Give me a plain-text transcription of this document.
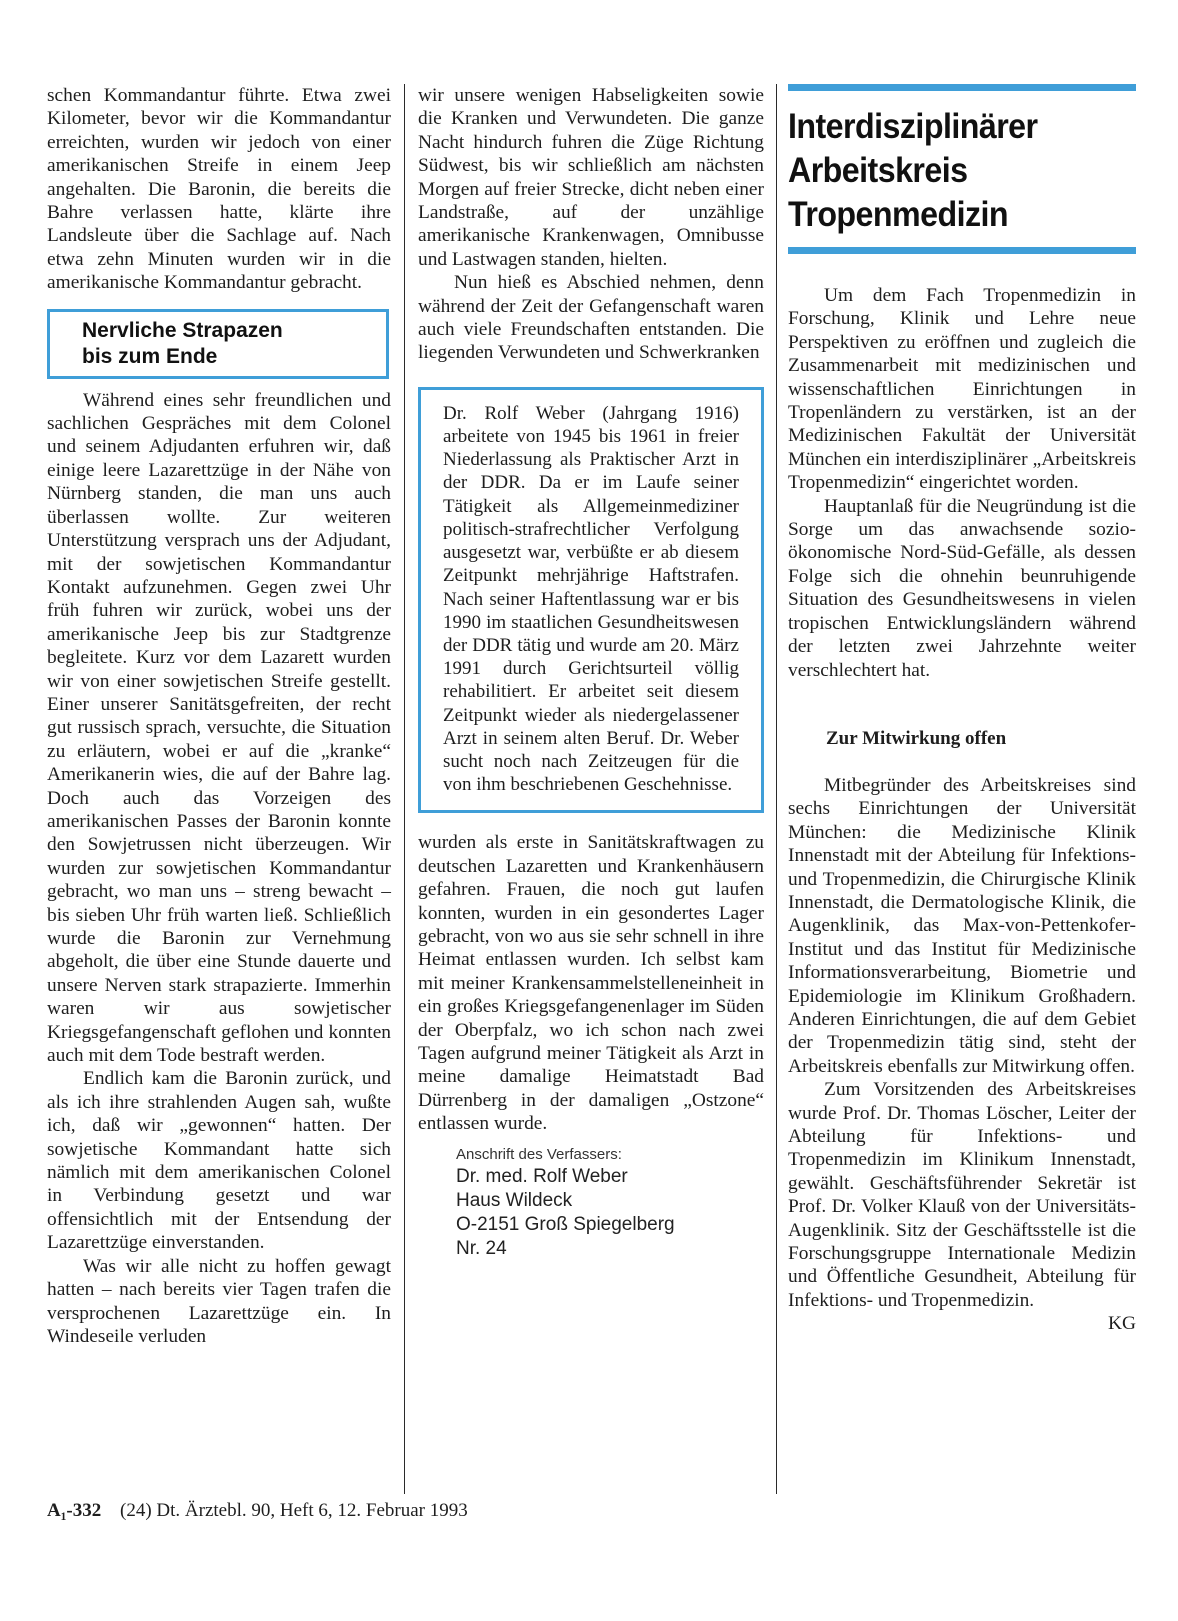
schen Kommandantur führte. Etwa zwei Kilometer, bevor wir die Kommandantur erreichten, wurden wir jedoch von einer amerikanischen Streife in einem Jeep angehalten. Die Baronin, die bereits die Bahre verlassen hatte, klärte ihre Landsleute über die Sachlage auf. Nach etwa zehn Minuten wurden wir in die amerikanische Kommandantur gebracht.

Nervliche Strapazen
bis zum Ende

Während eines sehr freundlichen und sachlichen Gespräches mit dem Colonel und seinem Adjudanten erfuhren wir, daß einige leere Lazarettzüge in der Nähe von Nürnberg standen, die man uns auch überlassen wollte. Zur weiteren Unterstützung versprach uns der Adjudant, mit der sowjetischen Kommandantur Kontakt aufzunehmen. Gegen zwei Uhr früh fuhren wir zurück, wobei uns der amerikanische Jeep bis zur Stadtgrenze begleitete. Kurz vor dem Lazarett wurden wir von einer sowjetischen Streife gestellt. Einer unserer Sanitätsgefreiten, der recht gut russisch sprach, versuchte, die Situation zu erläutern, wobei er auf die „kranke“ Amerikanerin wies, die auf der Bahre lag. Doch auch das Vorzeigen des amerikanischen Passes der Baronin konnte den Sowjetrussen nicht überzeugen. Wir wurden zur sowjetischen Kommandantur gebracht, wo man uns – streng bewacht – bis sieben Uhr früh warten ließ. Schließlich wurde die Baronin zur Vernehmung abgeholt, die über eine Stunde dauerte und unsere Nerven stark strapazierte. Immerhin waren wir aus sowjetischer Kriegsgefangenschaft geflohen und konnten auch mit dem Tode bestraft werden.

Endlich kam die Baronin zurück, und als ich ihre strahlenden Augen sah, wußte ich, daß wir „gewonnen“ hatten. Der sowjetische Kommandant hatte sich nämlich mit dem amerikanischen Colonel in Verbindung gesetzt und war offensichtlich mit der Entsendung der Lazarettzüge einverstanden.

Was wir alle nicht zu hoffen gewagt hatten – nach bereits vier Tagen trafen die versprochenen Lazarettzüge ein. In Windeseile verluden

wir unsere wenigen Habseligkeiten sowie die Kranken und Verwundeten. Die ganze Nacht hindurch fuhren die Züge Richtung Südwest, bis wir schließlich am nächsten Morgen auf freier Strecke, dicht neben einer Landstraße, auf der unzählige amerikanische Krankenwagen, Omnibusse und Lastwagen standen, hielten.

Nun hieß es Abschied nehmen, denn während der Zeit der Gefangenschaft waren auch viele Freundschaften entstanden. Die liegenden Verwundeten und Schwerkranken

Dr. Rolf Weber (Jahrgang 1916) arbeitete von 1945 bis 1961 in freier Niederlassung als Praktischer Arzt in der DDR. Da er im Laufe seiner Tätigkeit als Allgemeinmediziner politisch-strafrechtlicher Verfolgung ausgesetzt war, verbüßte er ab diesem Zeitpunkt mehrjährige Haftstrafen. Nach seiner Haftentlassung war er bis 1990 im staatlichen Gesundheitswesen der DDR tätig und wurde am 20. März 1991 durch Gerichtsurteil völlig rehabilitiert. Er arbeitet seit diesem Zeitpunkt wieder als niedergelassener Arzt in seinem alten Beruf. Dr. Weber sucht noch nach Zeitzeugen für die von ihm beschriebenen Geschehnisse.

wurden als erste in Sanitätskraftwagen zu deutschen Lazaretten und Krankenhäusern gefahren. Frauen, die noch gut laufen konnten, wurden in ein gesondertes Lager gebracht, von wo aus sie sehr schnell in ihre Heimat entlassen wurden. Ich selbst kam mit meiner Krankensammelstelleneinheit in ein großes Kriegsgefangenenlager im Süden der Oberpfalz, wo ich schon nach zwei Tagen aufgrund meiner Tätigkeit als Arzt in meine damalige Heimatstadt Bad Dürrenberg in der damaligen „Ostzone“ entlassen wurde.

Anschrift des Verfassers:
Dr. med. Rolf Weber
Haus Wildeck
O-2151 Groß Spiegelberg
Nr. 24
Interdisziplinärer
Arbeitskreis
Tropenmedizin

Um dem Fach Tropenmedizin in Forschung, Klinik und Lehre neue Perspektiven zu eröffnen und zugleich die Zusammenarbeit mit medizinischen und wissenschaftlichen Einrichtungen in Tropenländern zu verstärken, ist an der Medizinischen Fakultät der Universität München ein interdisziplinärer „Arbeitskreis Tropenmedizin“ eingerichtet worden.

Hauptanlaß für die Neugründung ist die Sorge um das anwachsende sozio-ökonomische Nord-Süd-Gefälle, als dessen Folge sich die ohnehin beunruhigende Situation des Gesundheitswesens in vielen tropischen Entwicklungsländern während der letzten zwei Jahrzehnte weiter verschlechtert hat.

Zur Mitwirkung offen

Mitbegründer des Arbeitskreises sind sechs Einrichtungen der Universität München: die Medizinische Klinik Innenstadt mit der Abteilung für Infektions- und Tropenmedizin, die Chirurgische Klinik Innenstadt, die Dermatologische Klinik, die Augenklinik, das Max-von-Pettenkofer-Institut und das Institut für Medizinische Informationsverarbeitung, Biometrie und Epidemiologie im Klinikum Großhadern. Anderen Einrichtungen, die auf dem Gebiet der Tropenmedizin tätig sind, steht der Arbeitskreis ebenfalls zur Mitwirkung offen.

Zum Vorsitzenden des Arbeitskreises wurde Prof. Dr. Thomas Löscher, Leiter der Abteilung für Infektions- und Tropenmedizin im Klinikum Innenstadt, gewählt. Geschäftsführender Sekretär ist Prof. Dr. Volker Klauß von der Universitäts-Augenklinik. Sitz der Geschäftsstelle ist die Forschungsgruppe Internationale Medizin und Öffentliche Gesundheit, Abteilung für Infektions- und Tropenmedizin.

KG
A₁-332 (24) Dt. Ärztebl. 90, Heft 6, 12. Februar 1993
